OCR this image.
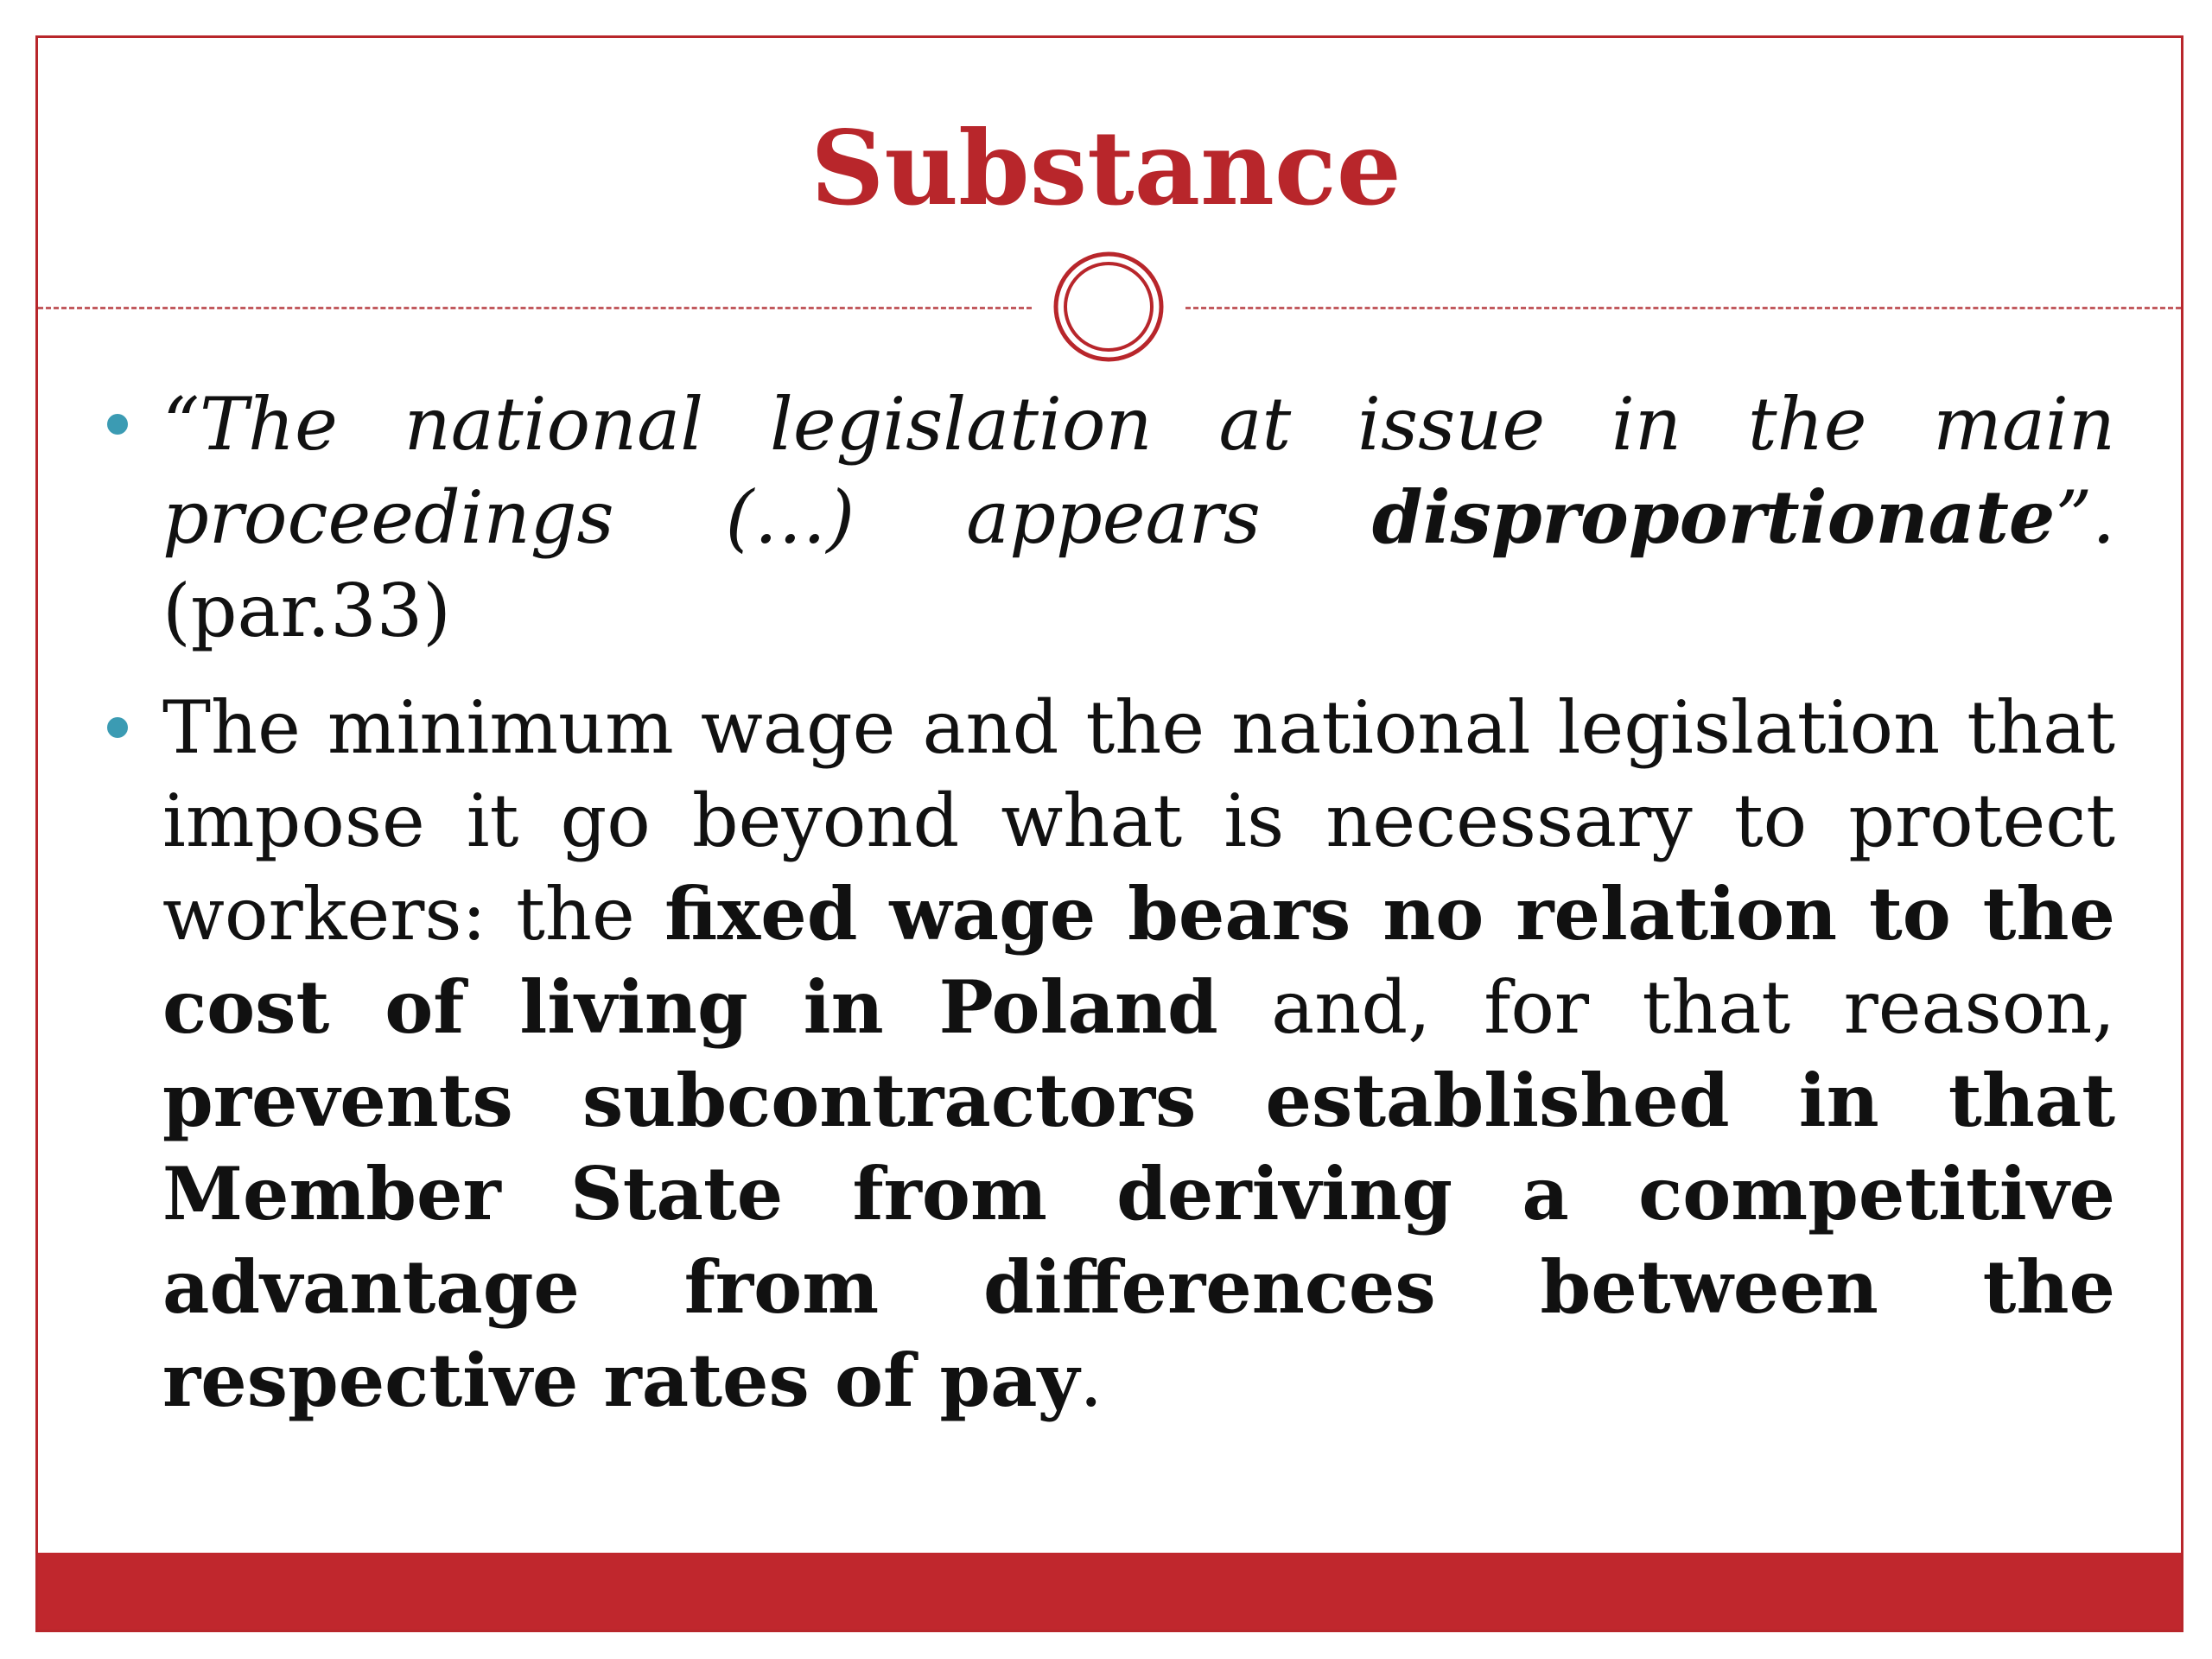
Substance
“The national legislation at issue in the main proceedings (…) appears disproportionate”. (par.33)
The minimum wage and the national legislation that impose it go beyond what is necessary to protect workers: the fixed wage bears no relation to the cost of living in Poland and, for that reason, prevents subcontractors established in that Member State from deriving a competitive advantage from differences between the respective rates of pay.
